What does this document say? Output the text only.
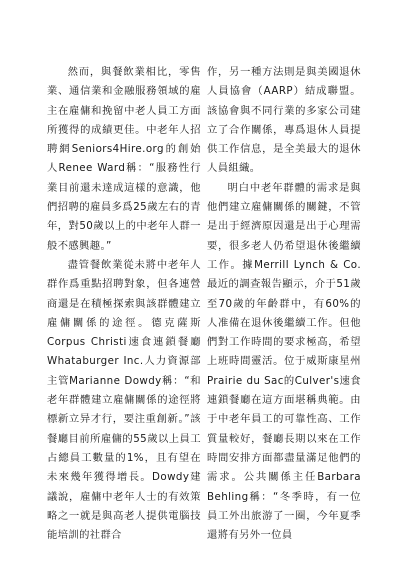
然而，與餐飲業相比，零售業、通信業和金融服務領域的雇主在雇傭和挽留中老人員工方面所獲得的成績更佳。中老年人招聘網Seniors4Hire.org的創始人Renee Ward稱：“服務性行業目前還未達成這樣的意識，他們招聘的雇員多爲25歲左右的青年，對50歲以上的中老年人群一般不感興趣。”

盡管餐飲業從未將中老年人群作爲重點招聘對象，但各連營商還是在積極探索與該群體建立雇傭關係的途徑。德克薩斯Corpus Christi速食連鎖餐廳Whataburger Inc.人力資源部主管Marianne Dowdy稱：“和老年群體建立雇傭關係的途徑將標新立异才行，要注重創新。”該餐廳目前所雇傭的55歲以上員工占總員工數量的1%，且有望在未來幾年獲得增長。Dowdy建議說，雇傭中老年人士的有效策略之一就是與高老人提供電腦技能培訓的社群合

作，另一種方法則是與美國退休人員協會（AARP）結成聯盟。該協會與不同行業的多家公司建立了合作關係，專爲退休人員提供工作信息，是全美最大的退休人員組織。

明白中老年群體的需求是與他們建立雇傭關係的關鍵，不管是出于經濟原因還是出于心理需要，很多老人仍希望退休後繼續工作。據Merrill Lynch & Co.最近的調查報告顯示，介于51歲至70歲的年齡群中，有60%的人准備在退休後繼續工作。但他們對工作時間的要求極高，希望上班時間靈活。位于威斯康星州Prairie du Sac的Culver's速食連鎖餐廳在這方面堪稱典範。由于中老年員工的可靠性高、工作質量較好，餐廳長期以來在工作時間安排方面都盡量滿足他們的需求。公共關係主任Barbara Behling稱：“冬季時，有一位員工外出旅游了一圈，今年夏季還將有另外一位員
